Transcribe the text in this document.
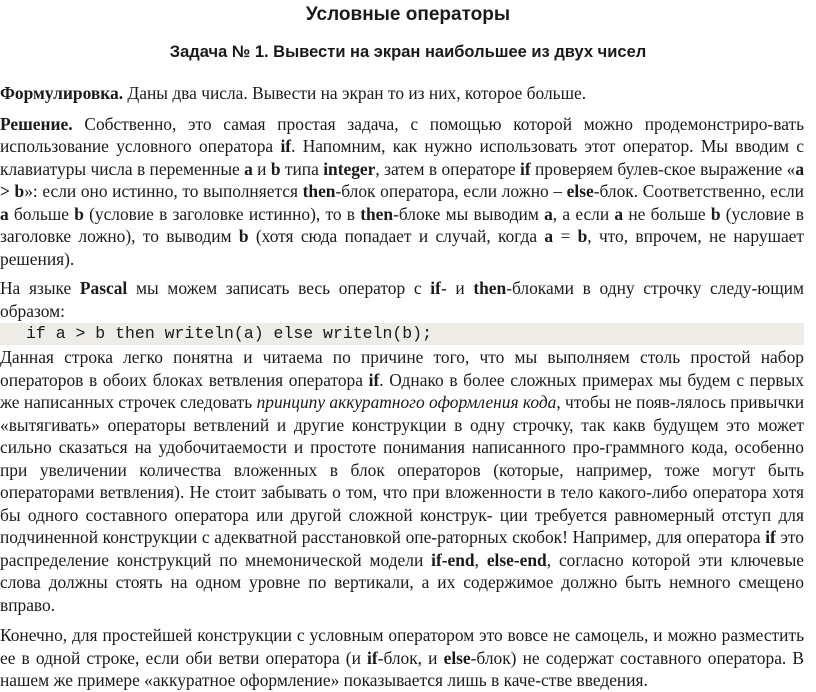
Условные операторы
Задача № 1. Вывести на экран наибольшее из двух чисел

Формулировка. Даны два числа. Вывести на экран то из них, которое больше.

Решение. Собственно, это самая простая задача, с помощью которой можно продемонстриро-вать использование условного оператора if. Напомним, как нужно использовать этот оператор. Мы вводим с клавиатуры числа в переменные a и b типа integer, затем в операторе if проверяем булев-ское выражение «a > b»: если оно истинно, то выполняется then-блок оператора, если ложно – else-блок. Соответственно, если a больше b (условие в заголовке истинно), то в then-блоке мы выводим a, а если a не больше b (условие в заголовке ложно), то выводим b (хотя сюда попадает и случай, когда a = b, что, впрочем, не нарушает решения).

На языке Pascal мы можем записать весь оператор с if- и then-блоками в одну строчку следу-ющим образом:

if a > b then writeln(a) else writeln(b);

Данная строка легко понятна и читаема по причине того, что мы выполняем столь простой набор операторов в обоих блоках ветвления оператора if. Однако в более сложных примерах мы будем с первых же написанных строчек следовать принципу аккуратного оформления кода, чтобы не появ-лялось привычки «вытягивать» операторы ветвлений и другие конструкции в одну строчку, так какв будущем это может сильно сказаться на удобочитаемости и простоте понимания написанного про-граммного кода, особенно при увеличении количества вложенных в блок операторов (которые, например, тоже могут быть операторами ветвления). Не стоит забывать о том, что при вложенности в тело какого-либо оператора хотя бы одного составного оператора или другой сложной конструк- ции требуется равномерный отступ для подчиненной конструкции с адекватной расстановкой опе-раторных скобок! Например, для оператора if это распределение конструкций по мнемонической модели if-end, else-end, согласно которой эти ключевые слова должны стоять на одном уровне по вертикали, а их содержимое должно быть немного смещено вправо.

Конечно, для простейшей конструкции с условным оператором это вовсе не самоцель, и можно разместить ее в одной строке, если оби ветви оператора (и if-блок, и else-блок) не содержат составного оператора. В нашем же примере «аккуратное оформление» показывается лишь в каче-стве введения.
